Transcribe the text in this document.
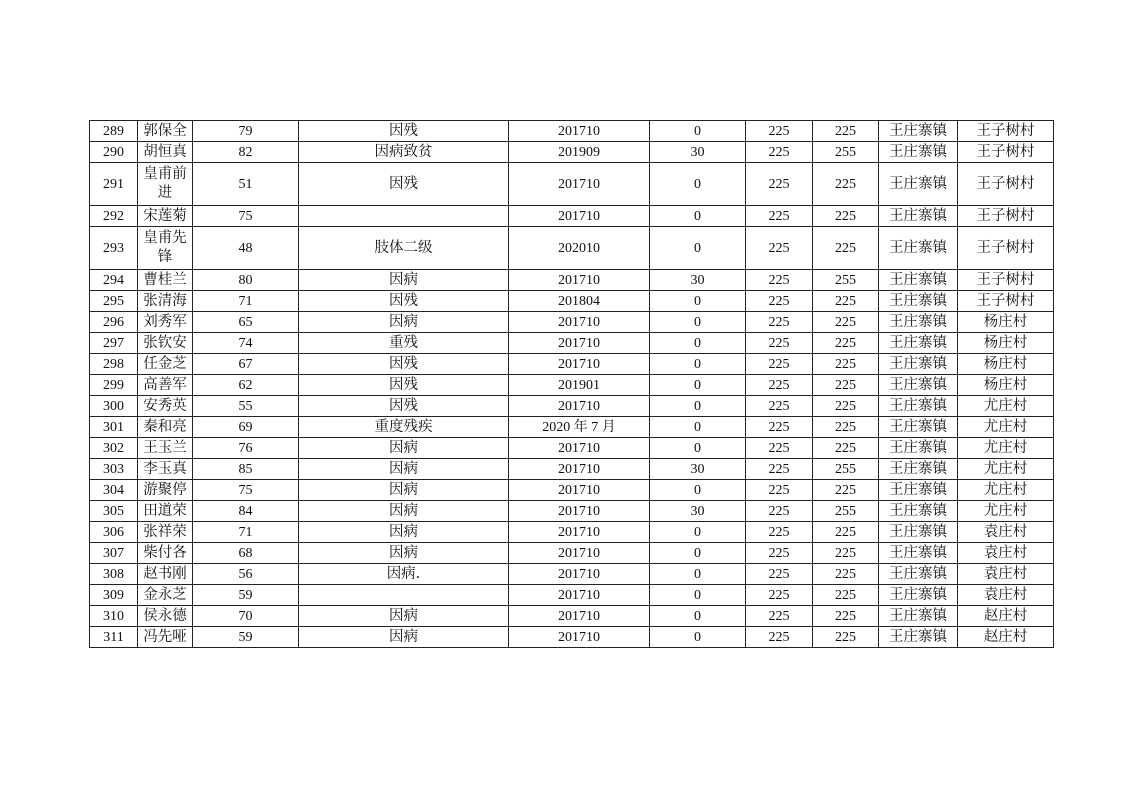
289	郭保全	79	因残	201710	0	225	225	王庄寨镇	王子树村
290	胡恒真	82	因病致贫	201909	30	225	255	王庄寨镇	王子树村
291	皇甫前进	51	因残	201710	0	225	225	王庄寨镇	王子树村
292	宋莲菊	75		201710	0	225	225	王庄寨镇	王子树村
293	皇甫先锋	48	肢体二级	202010	0	225	225	王庄寨镇	王子树村
294	曹桂兰	80	因病	201710	30	225	255	王庄寨镇	王子树村
295	张清海	71	因残	201804	0	225	225	王庄寨镇	王子树村
296	刘秀军	65	因病	201710	0	225	225	王庄寨镇	杨庄村
297	张钦安	74	重残	201710	0	225	225	王庄寨镇	杨庄村
298	任金芝	67	因残	201710	0	225	225	王庄寨镇	杨庄村
299	高善军	62	因残	201901	0	225	225	王庄寨镇	杨庄村
300	安秀英	55	因残	201710	0	225	225	王庄寨镇	尤庄村
301	秦和亮	69	重度残疾	2020 年 7 月	0	225	225	王庄寨镇	尤庄村
302	王玉兰	76	因病	201710	0	225	225	王庄寨镇	尤庄村
303	李玉真	85	因病	201710	30	225	255	王庄寨镇	尤庄村
304	游聚停	75	因病	201710	0	225	225	王庄寨镇	尤庄村
305	田道荣	84	因病	201710	30	225	255	王庄寨镇	尤庄村
306	张祥荣	71	因病	201710	0	225	225	王庄寨镇	袁庄村
307	柴付各	68	因病	201710	0	225	225	王庄寨镇	袁庄村
308	赵书刚	56	因病.	201710	0	225	225	王庄寨镇	袁庄村
309	金永芝	59		201710	0	225	225	王庄寨镇	袁庄村
310	侯永德	70	因病	201710	0	225	225	王庄寨镇	赵庄村
311	冯先哑	59	因病	201710	0	225	225	王庄寨镇	赵庄村
